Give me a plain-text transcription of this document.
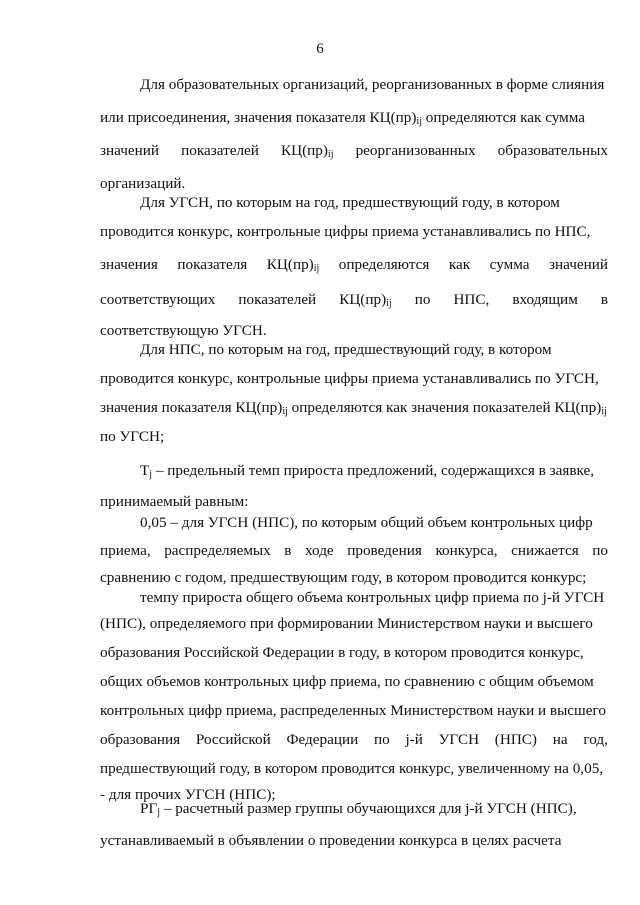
6
Для образовательных организаций, реорганизованных в форме слияния
или присоединения, значения показателя $КЦ(пр)_{ij}$ определяются как сумма
значений показателей $КЦ(пр)_{ij}$ реорганизованных образовательных
организаций.
Для УГСН, по которым на год, предшествующий году, в котором
проводится конкурс, контрольные цифры приема устанавливались по НПС,
значения показателя $КЦ(пр)_{ij}$ определяются как сумма значений
соответствующих показателей $КЦ(пр)_{ij}$ по НПС, входящим в
соответствующую УГСН.
Для НПС, по которым на год, предшествующий году, в котором
проводится конкурс, контрольные цифры приема устанавливались по УГСН,
значения показателя $КЦ(пр)_{ij}$ определяются как значения показателей $КЦ(пр)_{ij}$
по УГСН;
$Т_j$ – предельный темп прироста предложений, содержащихся в заявке,
принимаемый равным:
0,05 – для УГСН (НПС), по которым общий объем контрольных цифр
приема, распределяемых в ходе проведения конкурса, снижается по
сравнению с годом, предшествующим году, в котором проводится конкурс;
темпу прироста общего объема контрольных цифр приема по j-й УГСН
(НПС), определяемого при формировании Министерством науки и высшего
образования Российской Федерации в году, в котором проводится конкурс,
общих объемов контрольных цифр приема, по сравнению с общим объемом
контрольных цифр приема, распределенных Министерством науки и высшего
образования Российской Федерации по j-й УГСН (НПС) на год,
предшествующий году, в котором проводится конкурс, увеличенному на 0,05,
- для прочих УГСН (НПС);
$РГ_j$ – расчетный размер группы обучающихся для j-й УГСН (НПС),
устанавливаемый в объявлении о проведении конкурса в целях расчета
